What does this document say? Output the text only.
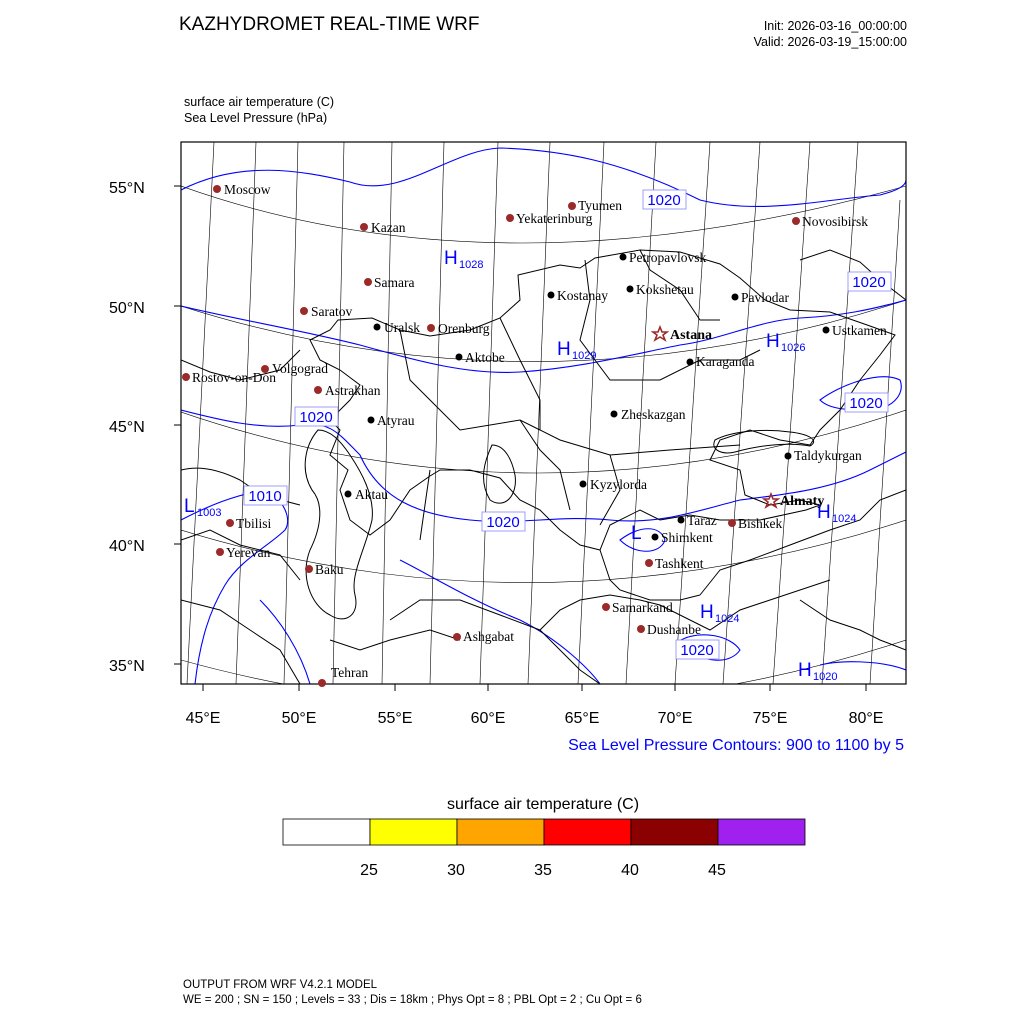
KAZHYDROMET REAL-TIME WRF	Init: 2026-03-16_00:00:00
Valid: 2026-03-19_15:00:00
surface air temperature (C)
Sea Level Pressure (hPa)
55°N
50°N
45°N
40°N
35°N
45°E	50°E	55°E	60°E	65°E	70°E	75°E	80°E
1020
1020
1020
1020
1010
1020
1020
H 1028
H 1029
H 1026
H 1024
H 1024
H 1020
L 1003
L
Moscow
Kazan
Samara
Saratov
Volgograd
Rostov-on-Don
Astrakhan
Orenburg
Yekaterinburg
Tyumen
Novosibirsk
Tbilisi
Yerevan
Baku
Tehran
Ashgabat
Samarkand
Dushanbe
Tashkent
Bishkek
Petropavlovsk
Kokshetau
Kostanay	Pavlodar
Uralsk
Aktobe	Karaganda
Ustkamen
Atyrau	Zheskazgan
Taldykurgan
Kyzylorda
Aktau
Taraz
Shimkent
Astana
Almaty
Sea Level Pressure Contours: 900 to 1100 by 5
surface air temperature (C)
25	30	35	40	45
OUTPUT FROM WRF V4.2.1 MODEL
WE = 200 ; SN = 150 ; Levels = 33 ; Dis = 18km ; Phys Opt = 8 ; PBL Opt = 2 ; Cu Opt = 6
